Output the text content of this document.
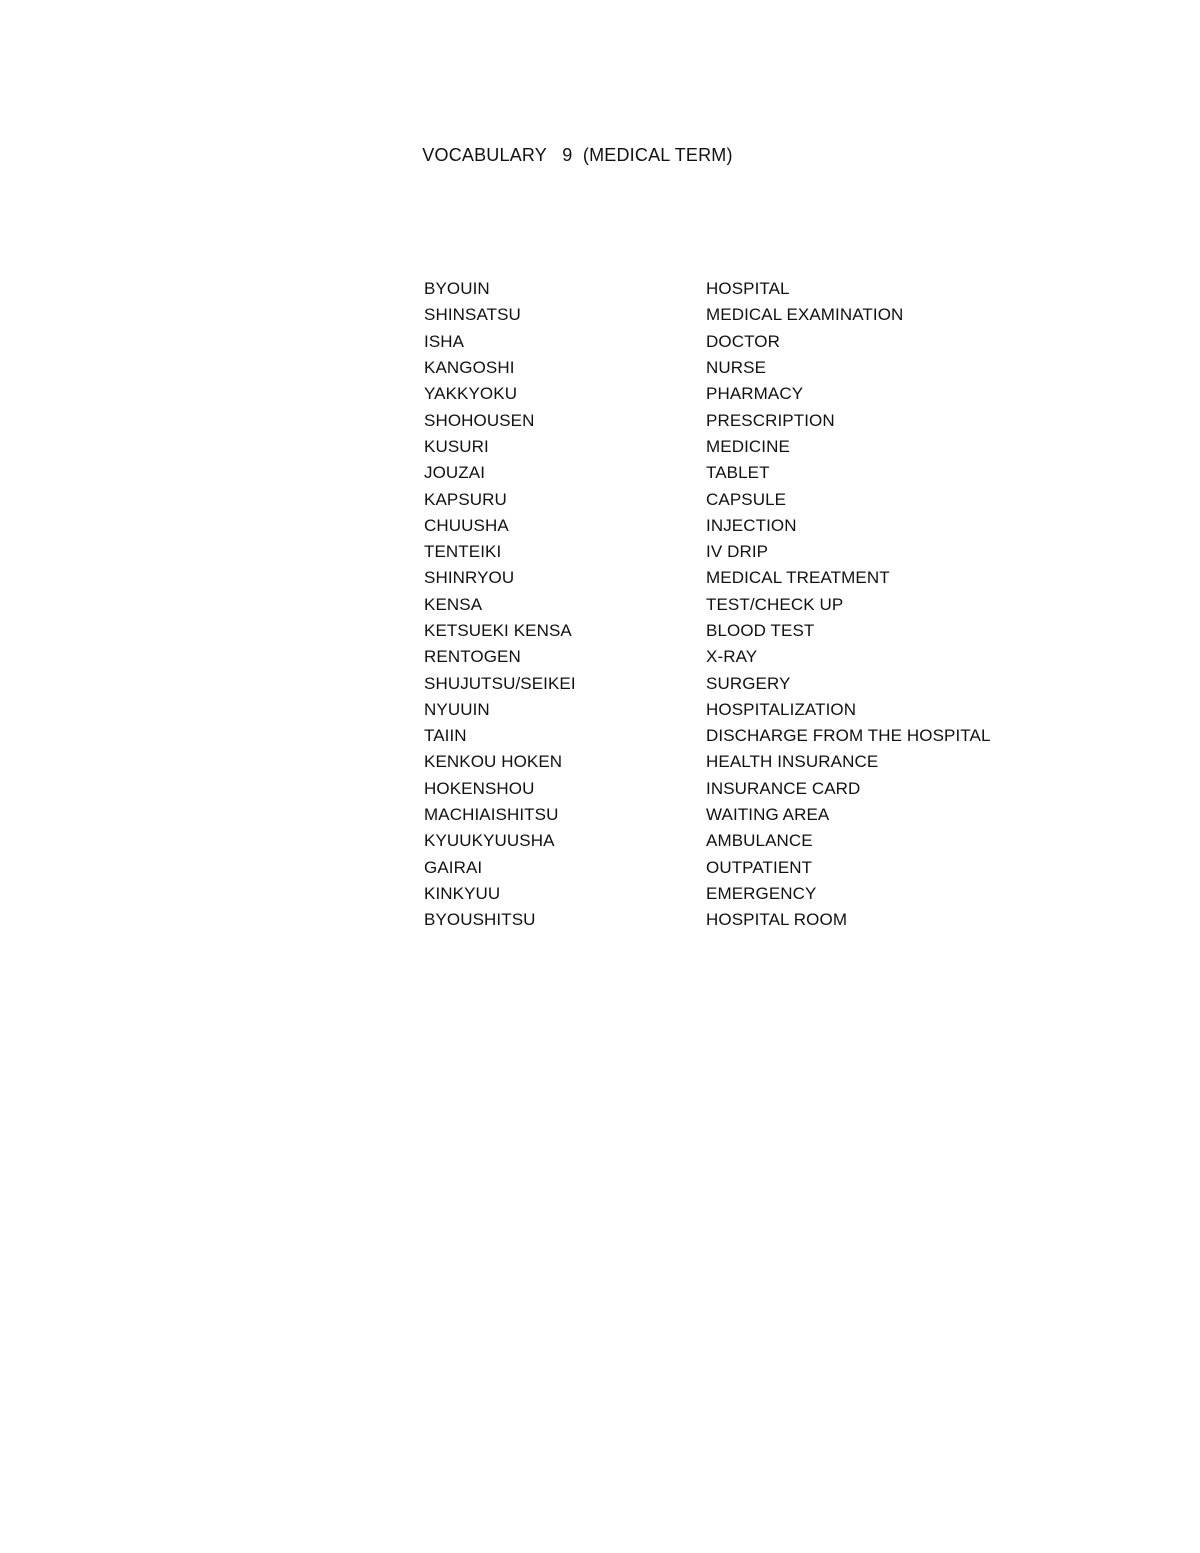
VOCABULARY   9  (MEDICAL TERM)
BYOUIN	HOSPITAL
SHINSATSU	MEDICAL EXAMINATION
ISHA	DOCTOR
KANGOSHI	NURSE
YAKKYOKU	PHARMACY
SHOHOUSEN	PRESCRIPTION
KUSURI	MEDICINE
JOUZAI	TABLET
KAPSURU	CAPSULE
CHUUSHA	INJECTION
TENTEIKI	IV DRIP
SHINRYOU	MEDICAL TREATMENT
KENSA	TEST/CHECK UP
KETSUEKI KENSA	BLOOD TEST
RENTOGEN	X-RAY
SHUJUTSU/SEIKEI	SURGERY
NYUUIN	HOSPITALIZATION
TAIIN	DISCHARGE FROM THE HOSPITAL
KENKOU HOKEN	HEALTH INSURANCE
HOKENSHOU	INSURANCE CARD
MACHIAISHITSU	WAITING AREA
KYUUKYUUSHA	AMBULANCE
GAIRAI	OUTPATIENT
KINKYUU	EMERGENCY
BYOUSHITSU	HOSPITAL ROOM
